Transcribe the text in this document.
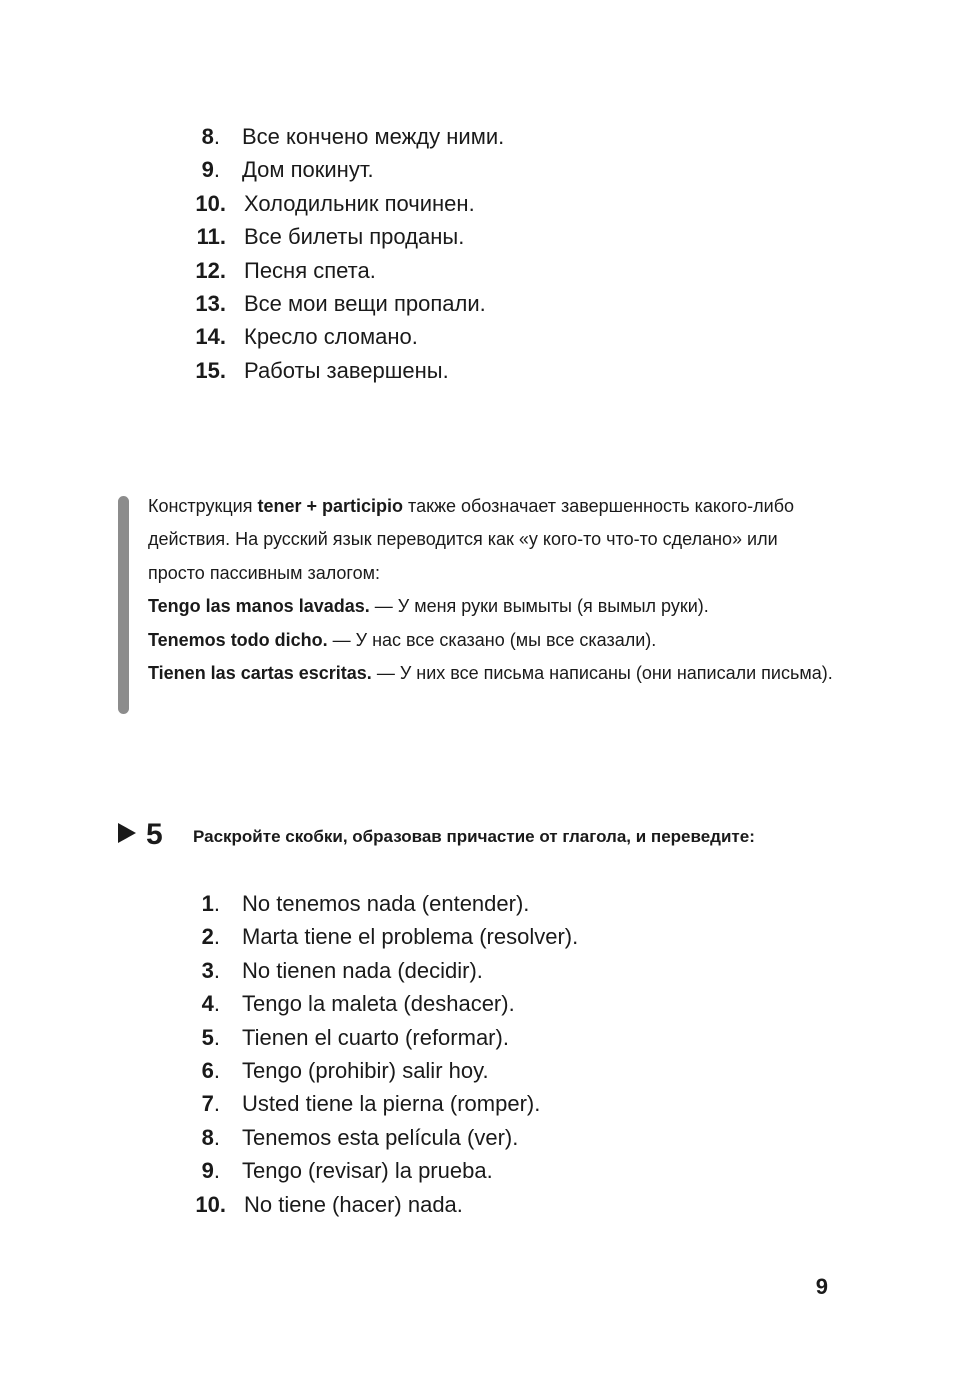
8. Все кончено между ними.
9. Дом покинут.
10. Холодильник починен.
11. Все билеты проданы.
12. Песня спета.
13. Все мои вещи пропали.
14. Кресло сломано.
15. Работы завершены.
Конструкция tener + participio также обозначает завершенность какого-либо действия. На русский язык переводится как «у кого-то что-то сделано» или просто пассивным залогом:
Tengo las manos lavadas. — У меня руки вымыты (я вымыл руки).
Tenemos todo dicho. — У нас все сказано (мы все сказали).
Tienen las cartas escritas. — У них все письма написаны (они написали письма).
5 Раскройте скобки, образовав причастие от глагола, и переведите:
1. No tenemos nada (entender).
2. Marta tiene el problema (resolver).
3. No tienen nada (decidir).
4. Tengo la maleta (deshacer).
5. Tienen el cuarto (reformar).
6. Tengo (prohibir) salir hoy.
7. Usted tiene la pierna (romper).
8. Tenemos esta película (ver).
9. Tengo (revisar) la prueba.
10. No tiene (hacer) nada.
9
